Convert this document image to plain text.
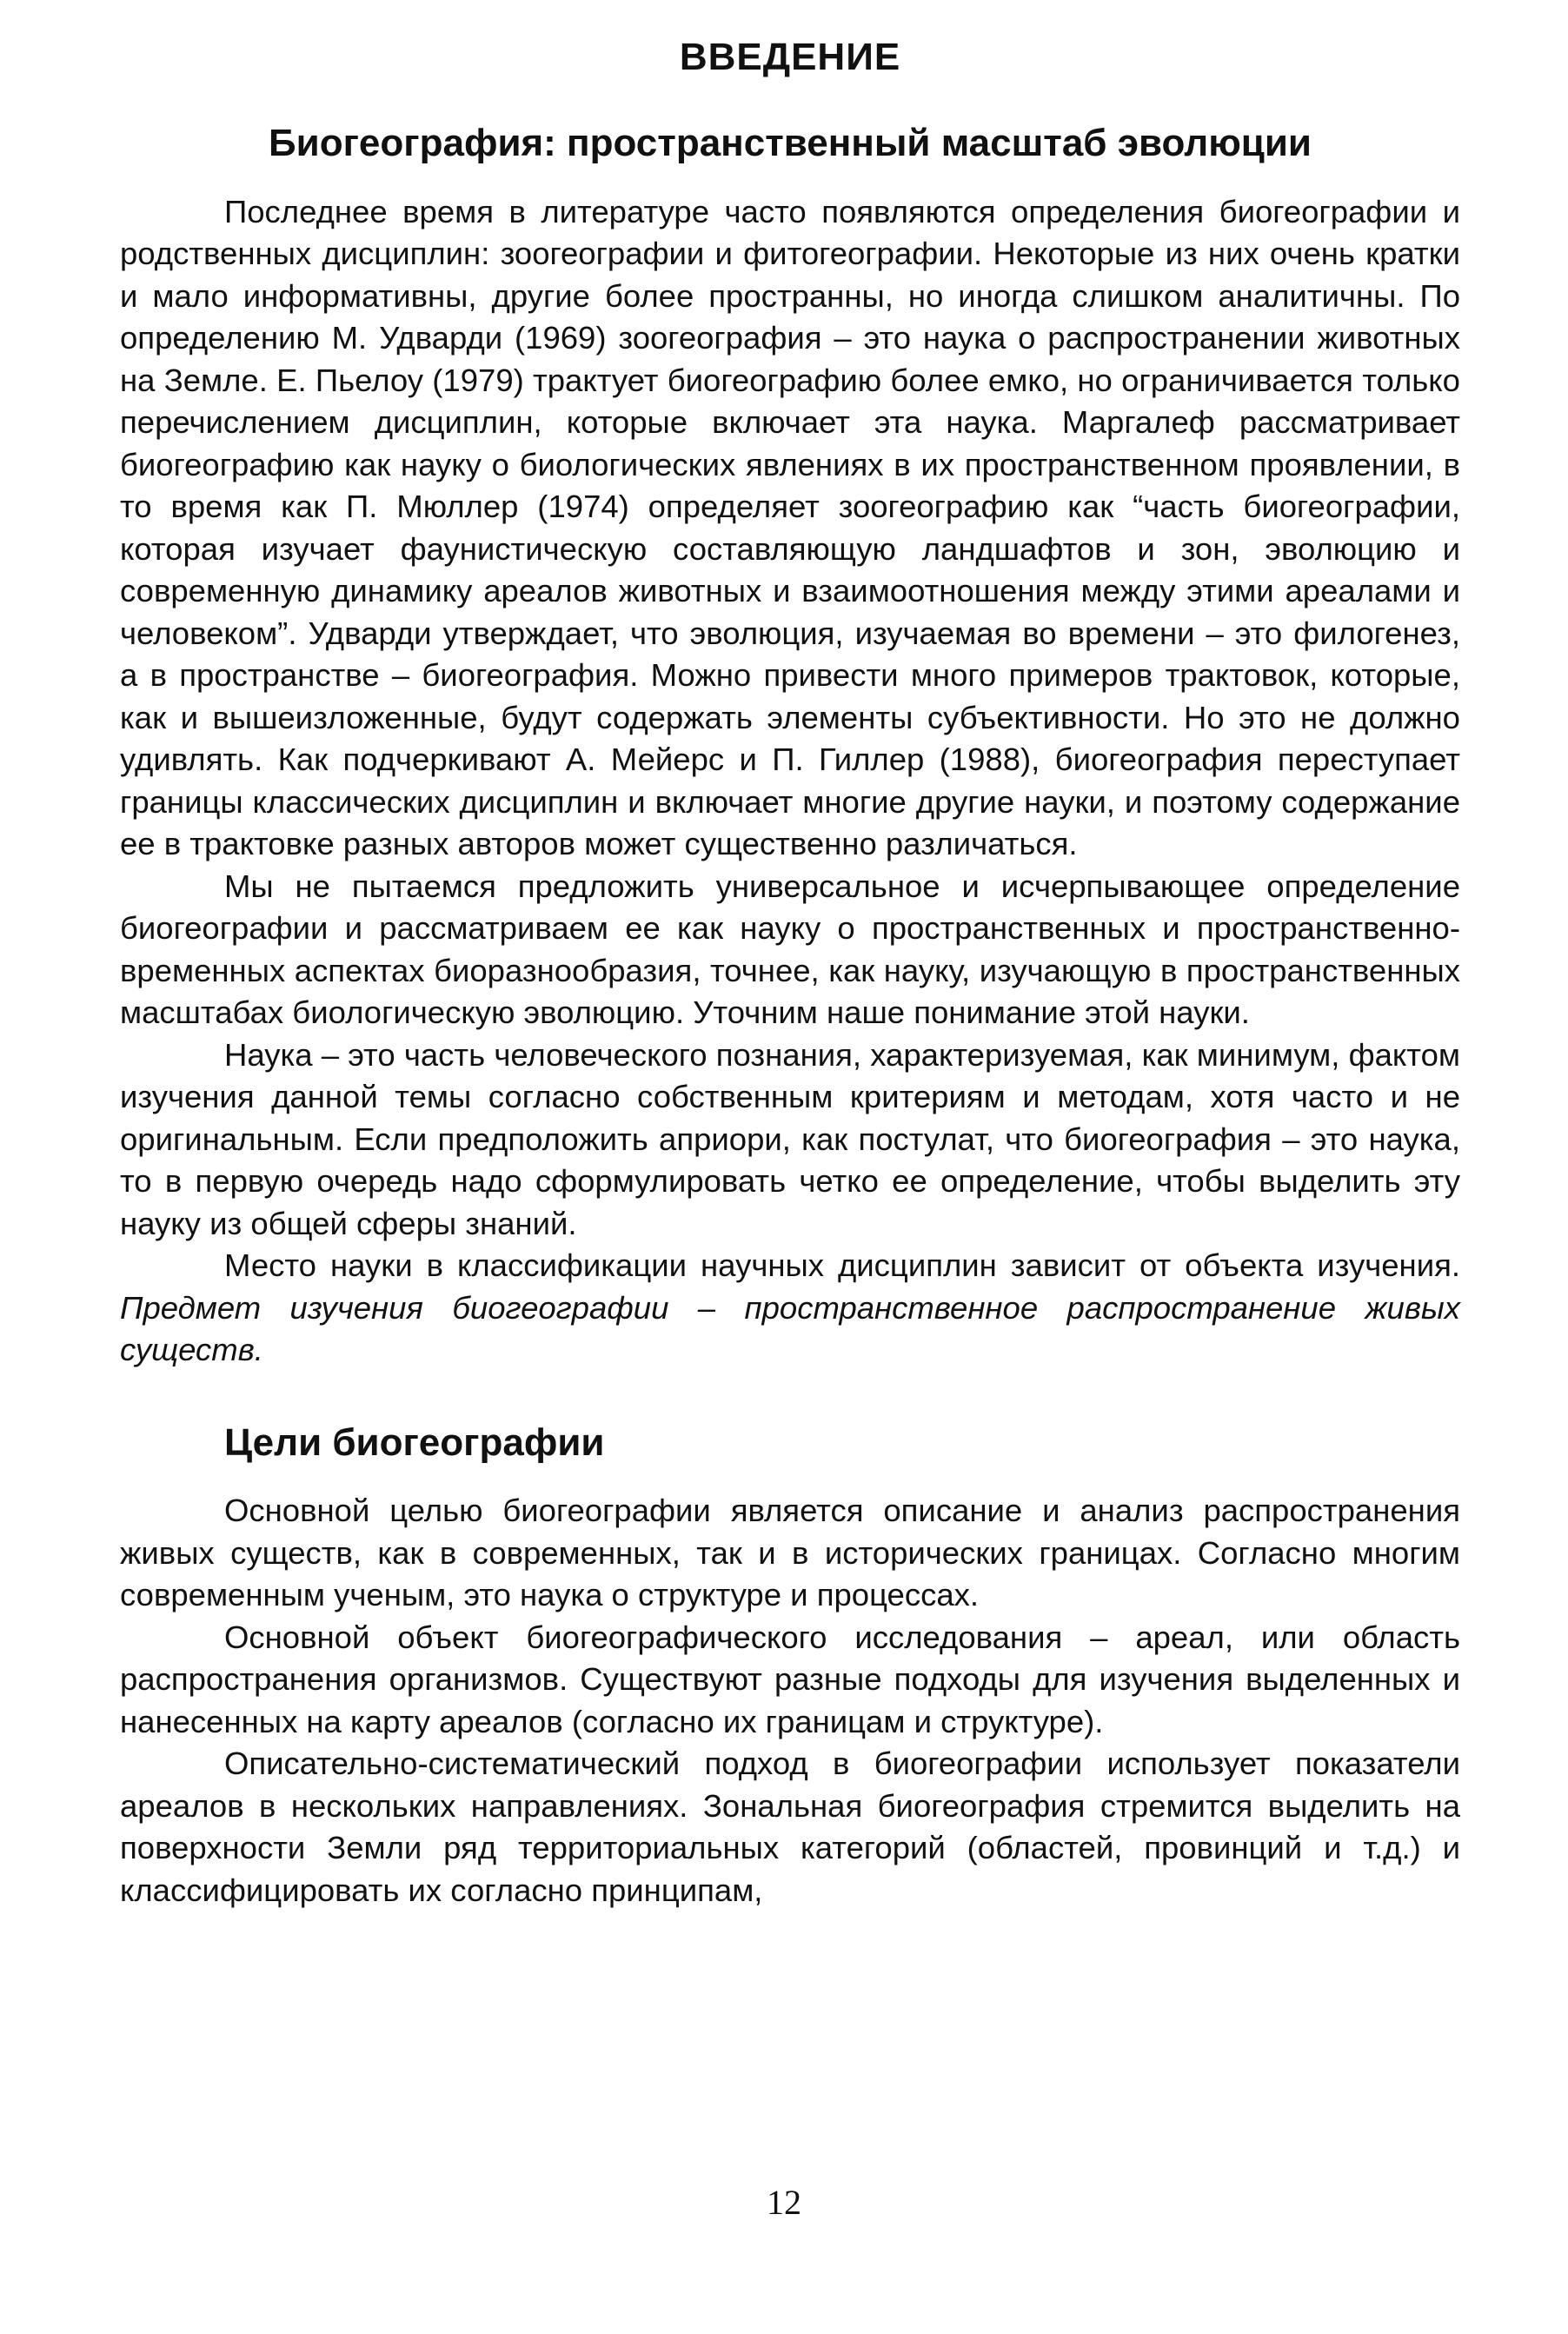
ВВЕДЕНИЕ
Биогеография: пространственный масштаб эволюции

Последнее время в литературе часто появляются определения биогеографии и родственных дисциплин: зоогеографии и фитогеографии. Некоторые из них очень кратки и мало информативны, другие более пространны, но иногда слишком аналитичны. По определению М. Удварди (1969) зоогеография – это наука о распространении животных на Земле. Е. Пьелоу (1979) трактует биогеографию более емко, но ограничивается только перечислением дисциплин, которые включает эта наука. Маргалеф рассматривает биогеографию как науку о биологических явлениях в их пространственном проявлении, в то время как П. Мюллер (1974) определяет зоогеографию как “часть биогеографии, которая изучает фаунистическую составляющую ландшафтов и зон, эволюцию и современную динамику ареалов животных и взаимоотношения между этими ареалами и человеком”. Удварди утверждает, что эволюция, изучаемая во времени – это филогенез, а в пространстве – биогеография. Можно привести много примеров трактовок, которые, как и вышеизложенные, будут содержать элементы субъективности. Но это не должно удивлять. Как подчеркивают А. Мейерс и П. Гиллер (1988), биогеография переступает границы классических дисциплин и включает многие другие науки, и поэтому содержание ее в трактовке разных авторов может существенно различаться.

Мы не пытаемся предложить универсальное и исчерпывающее определение биогеографии и рассматриваем ее как науку о пространственных и пространственно-временных аспектах биоразнообразия, точнее, как науку, изучающую в пространственных масштабах биологическую эволюцию. Уточним наше понимание этой науки.

Наука – это часть человеческого познания, характеризуемая, как минимум, фактом изучения данной темы согласно собственным критериям и методам, хотя часто и не оригинальным. Если предположить априори, как постулат, что биогеография – это наука, то в первую очередь надо сформулировать четко ее определение, чтобы выделить эту науку из общей сферы знаний.

Место науки в классификации научных дисциплин зависит от объекта изучения. Предмет изучения биогеографии – пространственное распространение живых существ.

Цели биогеографии

Основной целью биогеографии является описание и анализ распространения живых существ, как в современных, так и в исторических границах. Согласно многим современным ученым, это наука о структуре и процессах.

Основной объект биогеографического исследования – ареал, или область распространения организмов. Существуют разные подходы для изучения выделенных и нанесенных на карту ареалов (согласно их границам и структуре).

Описательно-систематический подход в биогеографии использует показатели ареалов в нескольких направлениях. Зональная биогеография стремится выделить на поверхности Земли ряд территориальных категорий (областей, провинций и т.д.) и классифицировать их согласно принципам,

12
